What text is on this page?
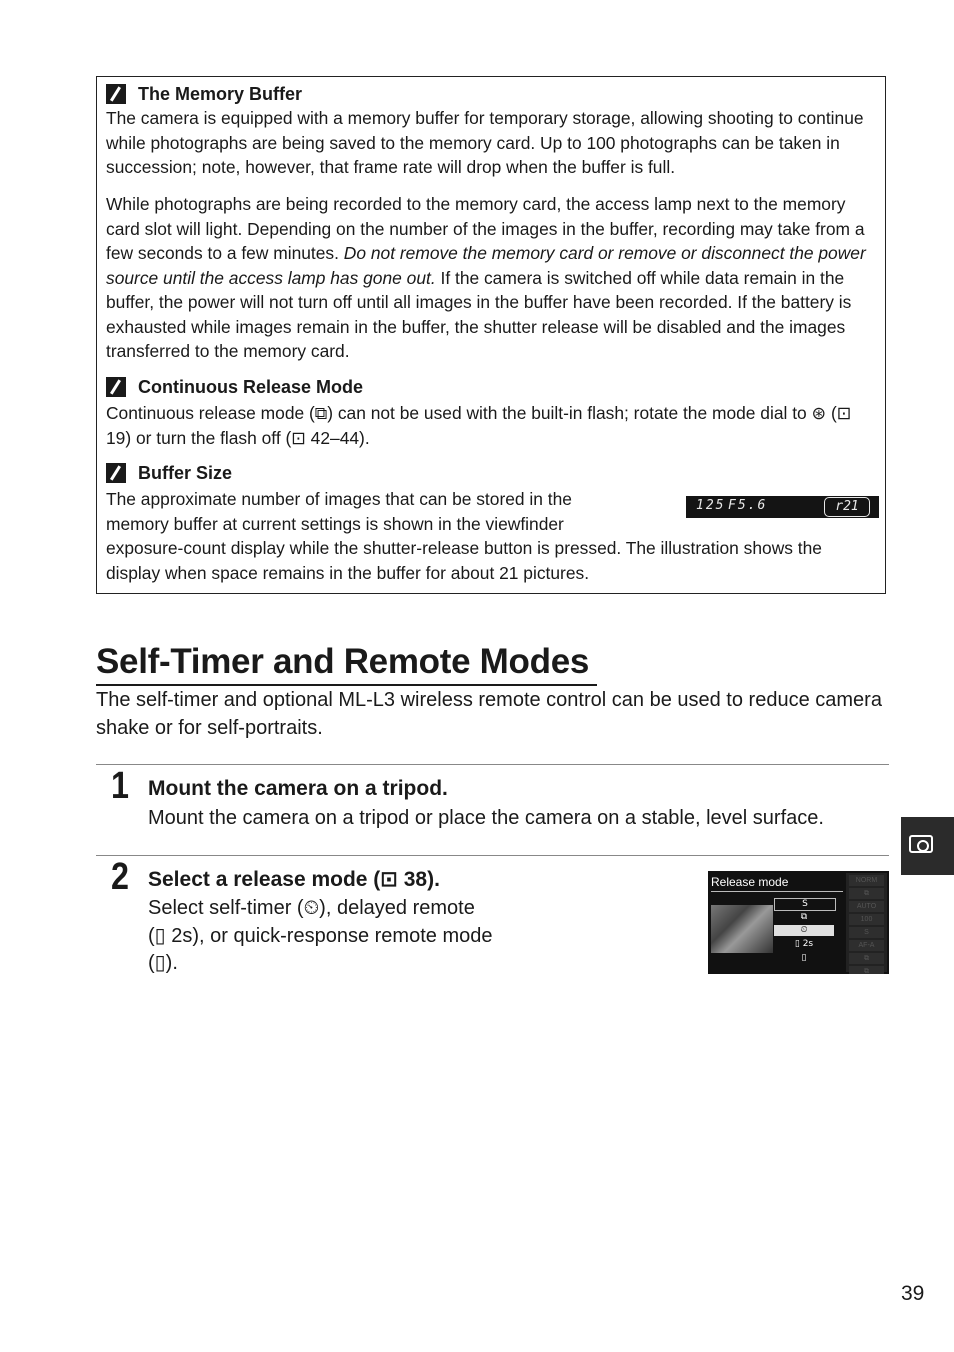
The Memory Buffer

The camera is equipped with a memory buffer for temporary storage, allowing shooting to continue while photographs are being saved to the memory card. Up to 100 photographs can be taken in succession; note, however, that frame rate will drop when the buffer is full.

While photographs are being recorded to the memory card, the access lamp next to the memory card slot will light. Depending on the number of the images in the buffer, recording may take from a few seconds to a few minutes. Do not remove the memory card or remove or disconnect the power source until the access lamp has gone out. If the camera is switched off while data remain in the buffer, the power will not turn off until all images in the buffer have been recorded. If the battery is exhausted while images remain in the buffer, the shutter release will be disabled and the images transferred to the memory card.

Continuous Release Mode

Continuous release mode (⧉) can not be used with the built-in flash; rotate the mode dial to ⊛ (⊡ 19) or turn the flash off (⊡ 42–44).

Buffer Size
125 F5.6	r21

The approximate number of images that can be stored in the memory buffer at current settings is shown in the viewfinder exposure-count display while the shutter-release button is pressed. The illustration shows the display when space remains in the buffer for about 21 pictures.

Self-Timer and Remote Modes

The self-timer and optional ML-L3 wireless remote control can be used to reduce camera shake or for self-portraits.

1 Mount the camera on a tripod.

Mount the camera on a tripod or place the camera on a stable, level surface.

2 Select a release mode (⊡ 38).

Select self-timer (⏲), delayed remote
(▯ 2s), or quick-response remote mode
(▯).

Release mode
S
⧉
⏲
▯ 2s
▯
NORM
⧉
AUTO
100
S
AF-A
⧉
⧉
39
